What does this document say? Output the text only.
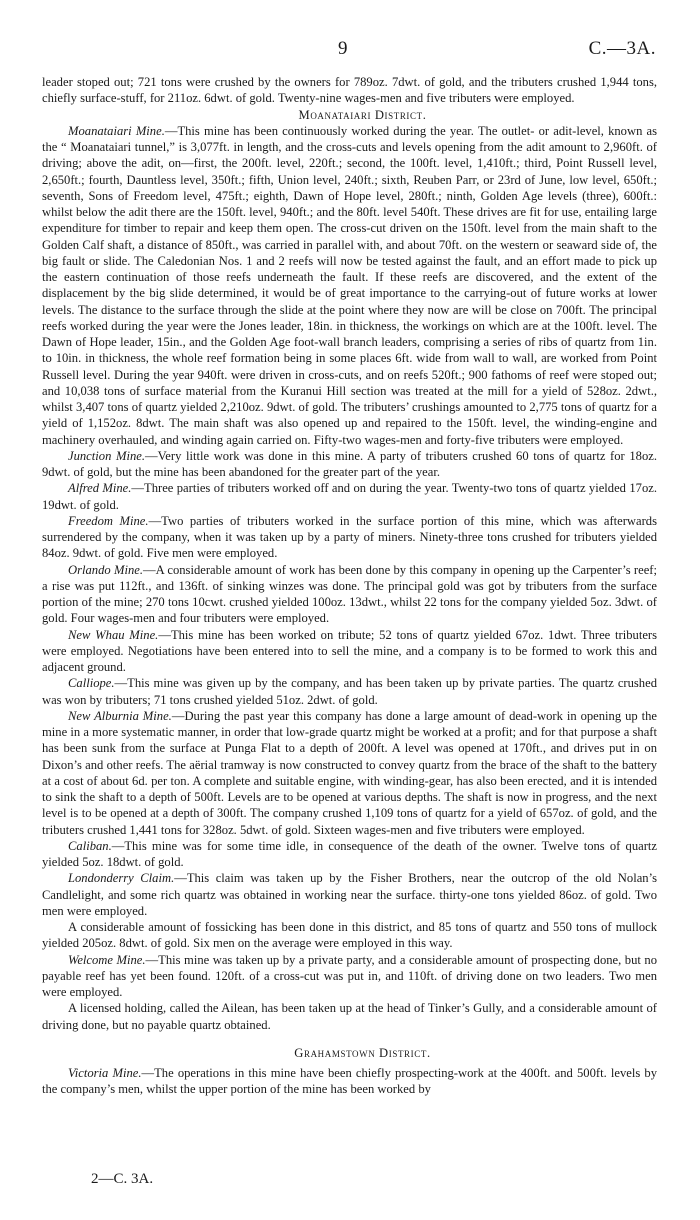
9	C.—3A.

leader stoped out; 721 tons were crushed by the owners for 789oz. 7dwt. of gold, and the tributers crushed 1,944 tons, chiefly surface-stuff, for 211oz. 6dwt. of gold. Twenty-nine wages-men and five tributers were employed.

Moanataiari District.

Moanataiari Mine.—This mine has been continuously worked during the year. The outlet- or adit-level, known as the “ Moanataiari tunnel,” is 3,077ft. in length, and the cross-cuts and levels opening from the adit amount to 2,960ft. of driving; above the adit, on—first, the 200ft. level, 220ft.; second, the 100ft. level, 1,410ft.; third, Point Russell level, 2,650ft.; fourth, Dauntless level, 350ft.; fifth, Union level, 240ft.; sixth, Reuben Parr, or 23rd of June, low level, 650ft.; seventh, Sons of Freedom level, 475ft.; eighth, Dawn of Hope level, 280ft.; ninth, Golden Age levels (three), 600ft.: whilst below the adit there are the 150ft. level, 940ft.; and the 80ft. level 540ft. These drives are fit for use, entailing large expenditure for timber to repair and keep them open. The cross-cut driven on the 150ft. level from the main shaft to the Golden Calf shaft, a distance of 850ft., was carried in parallel with, and about 70ft. on the western or seaward side of, the big fault or slide. The Caledonian Nos. 1 and 2 reefs will now be tested against the fault, and an effort made to pick up the eastern continuation of those reefs underneath the fault. If these reefs are discovered, and the extent of the displacement by the big slide determined, it would be of great importance to the carrying-out of future works at lower levels. The distance to the surface through the slide at the point where they now are will be close on 700ft. The principal reefs worked during the year were the Jones leader, 18in. in thickness, the workings on which are at the 100ft. level. The Dawn of Hope leader, 15in., and the Golden Age foot-wall branch leaders, comprising a series of ribs of quartz from 1in. to 10in. in thickness, the whole reef formation being in some places 6ft. wide from wall to wall, are worked from Point Russell level. During the year 940ft. were driven in cross-cuts, and on reefs 520ft.; 900 fathoms of reef were stoped out; and 10,038 tons of surface material from the Kuranui Hill section was treated at the mill for a yield of 528oz. 2dwt., whilst 3,407 tons of quartz yielded 2,210oz. 9dwt. of gold. The tributers’ crushings amounted to 2,775 tons of quartz for a yield of 1,152oz. 8dwt. The main shaft was also opened up and repaired to the 150ft. level, the winding-engine and machinery overhauled, and winding again carried on. Fifty-two wages-men and forty-five tributers were employed.

Junction Mine.—Very little work was done in this mine. A party of tributers crushed 60 tons of quartz for 18oz. 9dwt. of gold, but the mine has been abandoned for the greater part of the year.

Alfred Mine.—Three parties of tributers worked off and on during the year. Twenty-two tons of quartz yielded 17oz. 19dwt. of gold.

Freedom Mine.—Two parties of tributers worked in the surface portion of this mine, which was afterwards surrendered by the company, when it was taken up by a party of miners. Ninety-three tons crushed for tributers yielded 84oz. 9dwt. of gold. Five men were employed.

Orlando Mine.—A considerable amount of work has been done by this company in opening up the Carpenter’s reef; a rise was put 112ft., and 136ft. of sinking winzes was done. The principal gold was got by tributers from the surface portion of the mine; 270 tons 10cwt. crushed yielded 100oz. 13dwt., whilst 22 tons for the company yielded 5oz. 3dwt. of gold. Four wages-men and four tributers were employed.

New Whau Mine.—This mine has been worked on tribute; 52 tons of quartz yielded 67oz. 1dwt. Three tributers were employed. Negotiations have been entered into to sell the mine, and a company is to be formed to work this and adjacent ground.

Calliope.—This mine was given up by the company, and has been taken up by private parties. The quartz crushed was won by tributers; 71 tons crushed yielded 51oz. 2dwt. of gold.

New Alburnia Mine.—During the past year this company has done a large amount of dead-work in opening up the mine in a more systematic manner, in order that low-grade quartz might be worked at a profit; and for that purpose a shaft has been sunk from the surface at Punga Flat to a depth of 200ft. A level was opened at 170ft., and drives put in on Dixon’s and other reefs. The aërial tramway is now constructed to convey quartz from the brace of the shaft to the battery at a cost of about 6d. per ton. A complete and suitable engine, with winding-gear, has also been erected, and it is intended to sink the shaft to a depth of 500ft. Levels are to be opened at various depths. The shaft is now in progress, and the next level is to be opened at a depth of 300ft. The company crushed 1,109 tons of quartz for a yield of 657oz. of gold, and the tributers crushed 1,441 tons for 328oz. 5dwt. of gold. Sixteen wages-men and five tributers were employed.

Caliban.—This mine was for some time idle, in consequence of the death of the owner. Twelve tons of quartz yielded 5oz. 18dwt. of gold.

Londonderry Claim.—This claim was taken up by the Fisher Brothers, near the outcrop of the old Nolan’s Candlelight, and some rich quartz was obtained in working near the surface. thirty-one tons yielded 86oz. of gold. Two men were employed.

A considerable amount of fossicking has been done in this district, and 85 tons of quartz and 550 tons of mullock yielded 205oz. 8dwt. of gold. Six men on the average were employed in this way.

Welcome Mine.—This mine was taken up by a private party, and a considerable amount of prospecting done, but no payable reef has yet been found. 120ft. of a cross-cut was put in, and 110ft. of driving done on two leaders. Two men were employed.

A licensed holding, called the Ailean, has been taken up at the head of Tinker’s Gully, and a considerable amount of driving done, but no payable quartz obtained.

Grahamstown District.

Victoria Mine.—The operations in this mine have been chiefly prospecting-work at the 400ft. and 500ft. levels by the company’s men, whilst the upper portion of the mine has been worked by

2—C. 3A.
